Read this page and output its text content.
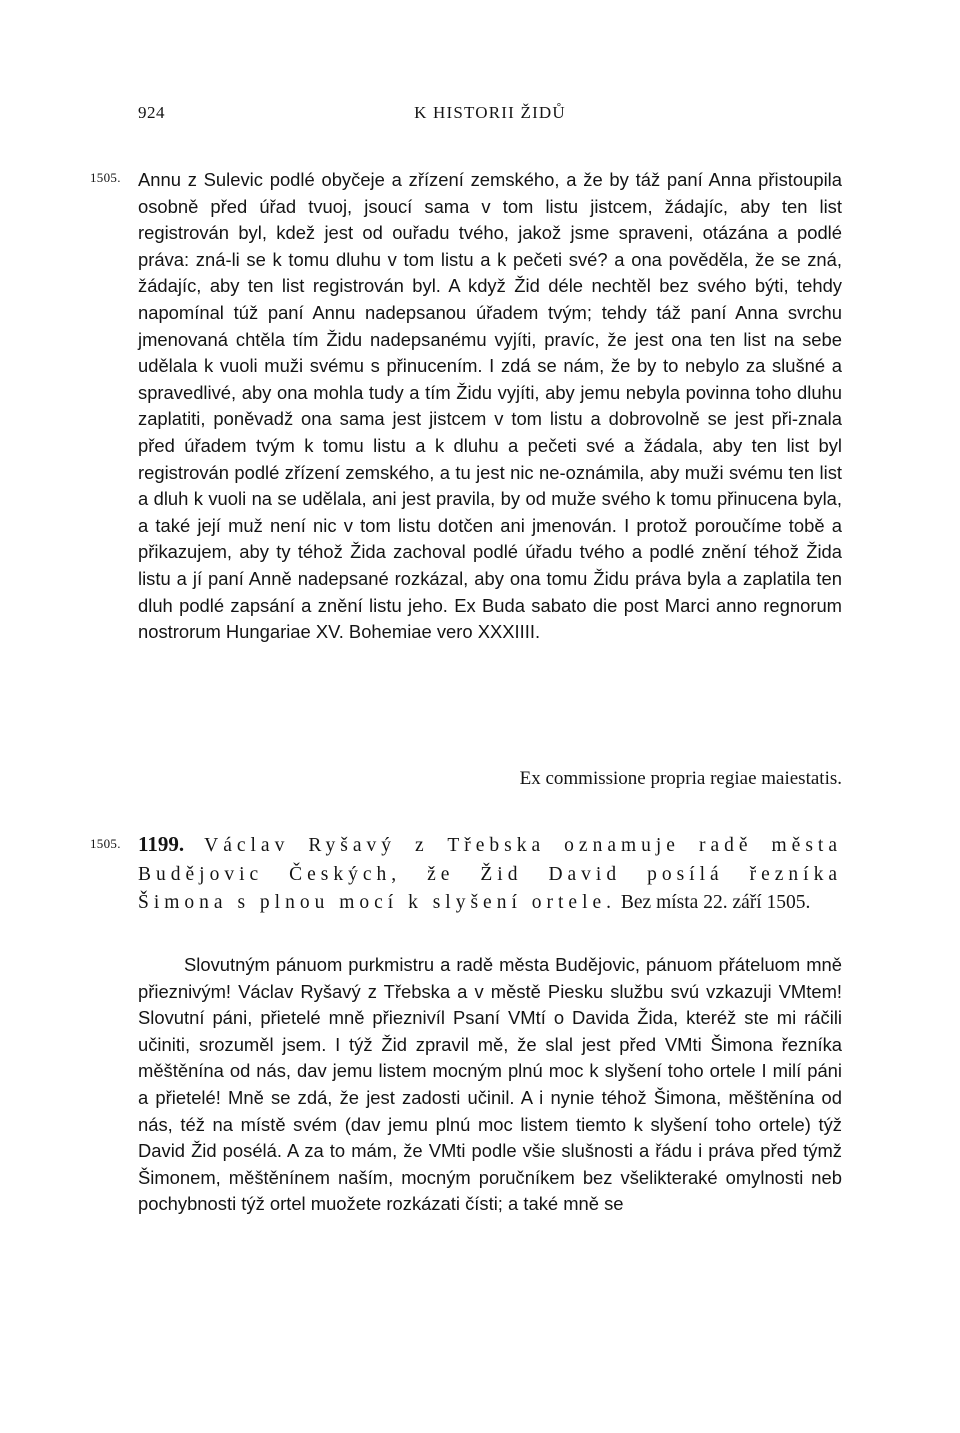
924	K HISTORII ŽIDŮ
1505. Annu z Sulevic podlé obyčeje a zřízení zemského, a že by táž paní Anna přistoupila osobně před úřad tvuoj, jsoucí sama v tom listu jistcem, žádajíc, aby ten list registrován byl, kdež jest od ouřadu tvého, jakož jsme spraveni, otázána a podlé práva: zná-li se k tomu dluhu v tom listu a k pečeti své? a ona pověděla, že se zná, žádajíc, aby ten list registrován byl. A když Žid déle nechtěl bez svého býti, tehdy napomínal túž paní Annu nadepsanou úřadem tvým; tehdy táž paní Anna svrchu jmenovaná chtěla tím Židu nadepsanému vyjíti, pravíc, že jest ona ten list na sebe udělala k vuoli muži svému s přinucením. I zdá se nám, že by to nebylo za slušné a spravedlivé, aby ona mohla tudy a tím Židu vyjíti, aby jemu nebyla povinna toho dluhu zaplatiti, poněvadž ona sama jest jistcem v tom listu a dobrovolně se jest při-znala před úřadem tvým k tomu listu a k dluhu a pečeti své a žádala, aby ten list byl registrován podlé zřízení zemského, a tu jest nic ne-oznámila, aby muži svému ten list a dluh k vuoli na se udělala, ani jest pravila, by od muže svého k tomu přinucena byla, a také její muž není nic v tom listu dotčen ani jmenován. I protož poroučíme tobě a přikazujem, aby ty téhož Žida zachoval podlé úřadu tvého a podlé znění téhož Žida listu a jí paní Anně nadepsané rozkázal, aby ona tomu Židu práva byla a zaplatila ten dluh podlé zapsání a znění listu jeho. Ex Buda sabato die post Marci anno regnorum nostrorum Hungariae XV. Bohemiae vero XXXIIII.

Ex commissione propria regiae maiestatis.
1505. 1199. Václav Ryšavý z Třebska oznamuje radě města Budějovic Českých, že Žid David posílá řezníka Šimona s plnou mocí k slyšení ortele. Bez místa 22. září 1505.

Slovutným pánuom purkmistru a radě města Budějovic, pánuom přáteluom mně přieznivým! Václav Ryšavý z Třebska a v městě Piesku službu svú vzkazuji VMtem! Slovutní páni, přietelé mně přieznivíl Psaní VMtí o Davida Žida, kteréž ste mi ráčili učiniti, srozuměl jsem. I týž Žid zpravil mě, že slal jest před VMti Šimona řezníka měštěnína od nás, dav jemu listem mocným plnú moc k slyšení toho ortele I milí páni a přietelé! Mně se zdá, že jest zadosti učinil. A i nynie téhož Šimona, měštěnína od nás, též na místě svém (dav jemu plnú moc listem tiemto k slyšení toho ortele) týž David Žid posélá. A za to mám, že VMti podle všie slušnosti a řádu i práva před týmž Šimonem, měštěnínem naším, mocným poručníkem bez všelikterаké omylnosti neb pochybnosti týž ortel muožete rozkázati čísti; a také mně se
